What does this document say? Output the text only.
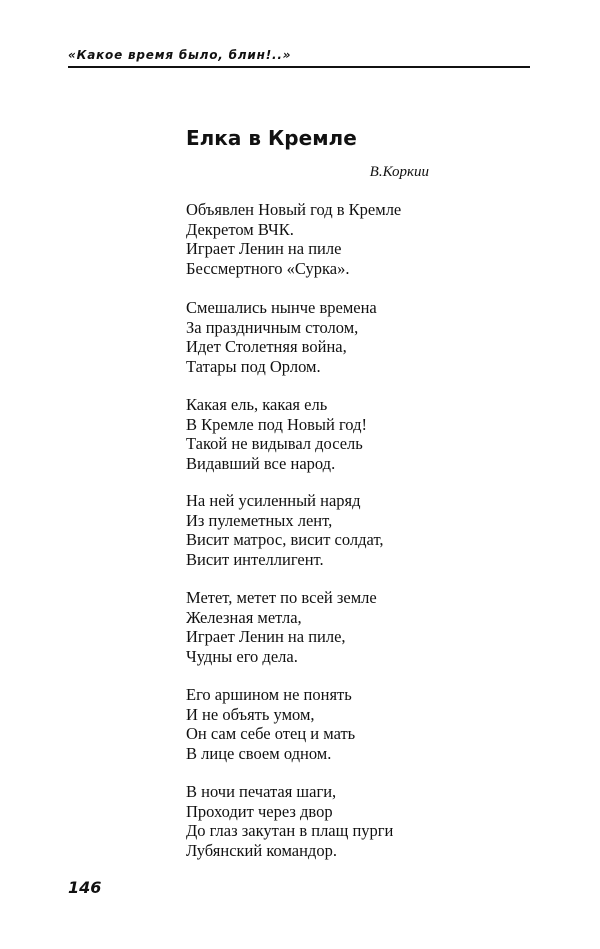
«Какое время было, блин!..»
Елка в Кремле
В.Коркии
Объявлен Новый год в Кремле
Декретом ВЧК.
Играет Ленин на пиле
Бессмертного «Сурка».
Смешались нынче времена
За праздничным столом,
Идет Столетняя война,
Татары под Орлом.
Какая ель, какая ель
В Кремле под Новый год!
Такой не видывал досель
Видавший все народ.
На ней усиленный наряд
Из пулеметных лент,
Висит матрос, висит солдат,
Висит интеллигент.
Метет, метет по всей земле
Железная метла,
Играет Ленин на пиле,
Чудны его дела.
Его аршином не понять
И не объять умом,
Он сам себе отец и мать
В лице своем одном.
В ночи печатая шаги,
Проходит через двор
До глаз закутан в плащ пурги
Лубянский командор.
146
